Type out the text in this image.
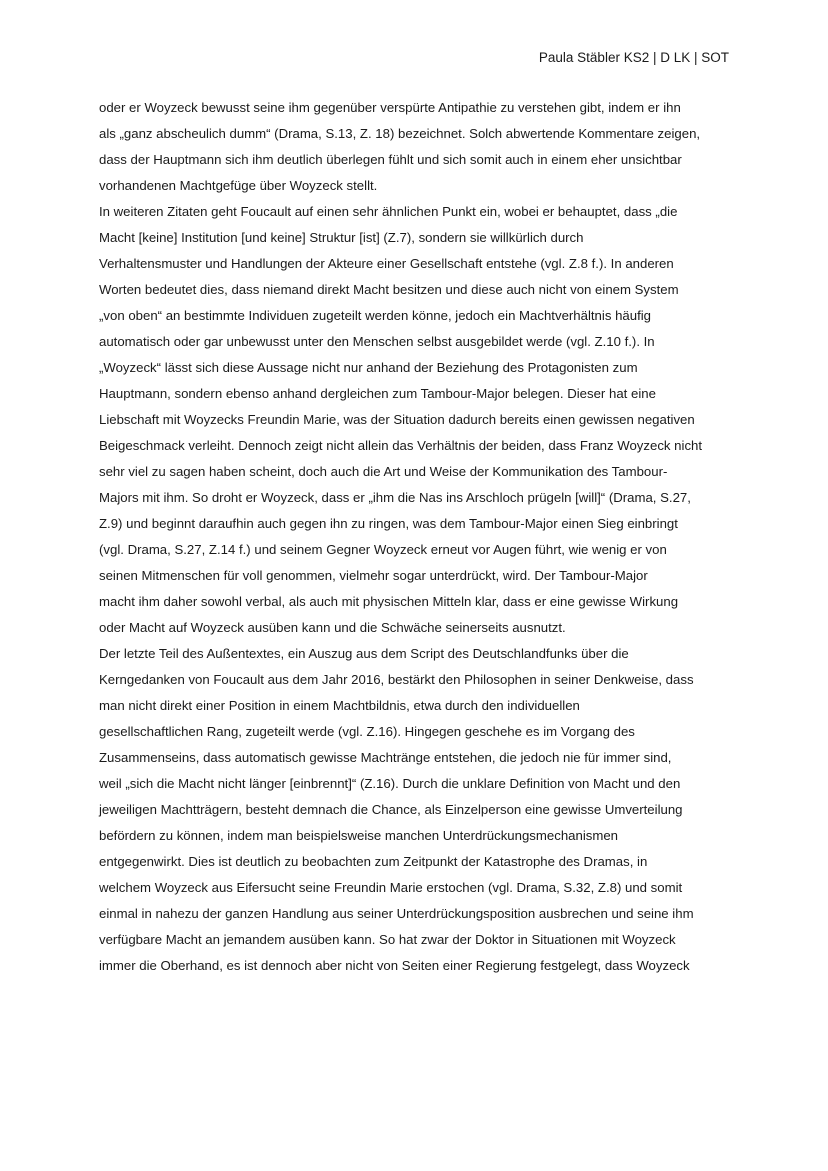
Paula Stäbler KS2 | D LK | SOT
oder er Woyzeck bewusst seine ihm gegenüber verspürte Antipathie zu verstehen gibt, indem er ihn
als „ganz abscheulich dumm“ (Drama, S.13, Z. 18) bezeichnet. Solch abwertende Kommentare zeigen,
dass der Hauptmann sich ihm deutlich überlegen fühlt und sich somit auch in einem eher unsichtbar
vorhandenen Machtgefüge über Woyzeck stellt.
In weiteren Zitaten geht Foucault auf einen sehr ähnlichen Punkt ein, wobei er behauptet, dass „die
Macht [keine] Institution [und keine] Struktur [ist] (Z.7), sondern sie willkürlich durch
Verhaltensmuster und Handlungen der Akteure einer Gesellschaft entstehe (vgl. Z.8 f.). In anderen
Worten bedeutet dies, dass niemand direkt Macht besitzen und diese auch nicht von einem System
„von oben“ an bestimmte Individuen zugeteilt werden könne, jedoch ein Machtverhältnis häufig
automatisch oder gar unbewusst unter den Menschen selbst ausgebildet werde (vgl. Z.10 f.). In
„Woyzeck“ lässt sich diese Aussage nicht nur anhand der Beziehung des Protagonisten zum
Hauptmann, sondern ebenso anhand dergleichen zum Tambour-Major belegen. Dieser hat eine
Liebschaft mit Woyzecks Freundin Marie, was der Situation dadurch bereits einen gewissen negativen
Beigeschmack verleiht. Dennoch zeigt nicht allein das Verhältnis der beiden, dass Franz Woyzeck nicht
sehr viel zu sagen haben scheint, doch auch die Art und Weise der Kommunikation des Tambour-
Majors mit ihm. So droht er Woyzeck, dass er „ihm die Nas ins Arschloch prügeln [will]“ (Drama, S.27,
Z.9) und beginnt daraufhin auch gegen ihn zu ringen, was dem Tambour-Major einen Sieg einbringt
(vgl. Drama, S.27, Z.14 f.) und seinem Gegner Woyzeck erneut vor Augen führt, wie wenig er von
seinen Mitmenschen für voll genommen, vielmehr sogar unterdrückt, wird. Der Tambour-Major
macht ihm daher sowohl verbal, als auch mit physischen Mitteln klar, dass er eine gewisse Wirkung
oder Macht auf Woyzeck ausüben kann und die Schwäche seinerseits ausnutzt.
Der letzte Teil des Außentextes, ein Auszug aus dem Script des Deutschlandfunks über die
Kerngedanken von Foucault aus dem Jahr 2016, bestärkt den Philosophen in seiner Denkweise, dass
man nicht direkt einer Position in einem Machtbildnis, etwa durch den individuellen
gesellschaftlichen Rang, zugeteilt werde (vgl. Z.16). Hingegen geschehe es im Vorgang des
Zusammenseins, dass automatisch gewisse Machtränge entstehen, die jedoch nie für immer sind,
weil „sich die Macht nicht länger [einbrennt]“ (Z.16). Durch die unklare Definition von Macht und den
jeweiligen Machtträgern, besteht demnach die Chance, als Einzelperson eine gewisse Umverteilung
befördern zu können, indem man beispielsweise manchen Unterdrückungsmechanismen
entgegenwirkt. Dies ist deutlich zu beobachten zum Zeitpunkt der Katastrophe des Dramas, in
welchem Woyzeck aus Eifersucht seine Freundin Marie erstochen (vgl. Drama, S.32, Z.8) und somit
einmal in nahezu der ganzen Handlung aus seiner Unterdrückungsposition ausbrechen und seine ihm
verfügbare Macht an jemandem ausüben kann. So hat zwar der Doktor in Situationen mit Woyzeck
immer die Oberhand, es ist dennoch aber nicht von Seiten einer Regierung festgelegt, dass Woyzeck
